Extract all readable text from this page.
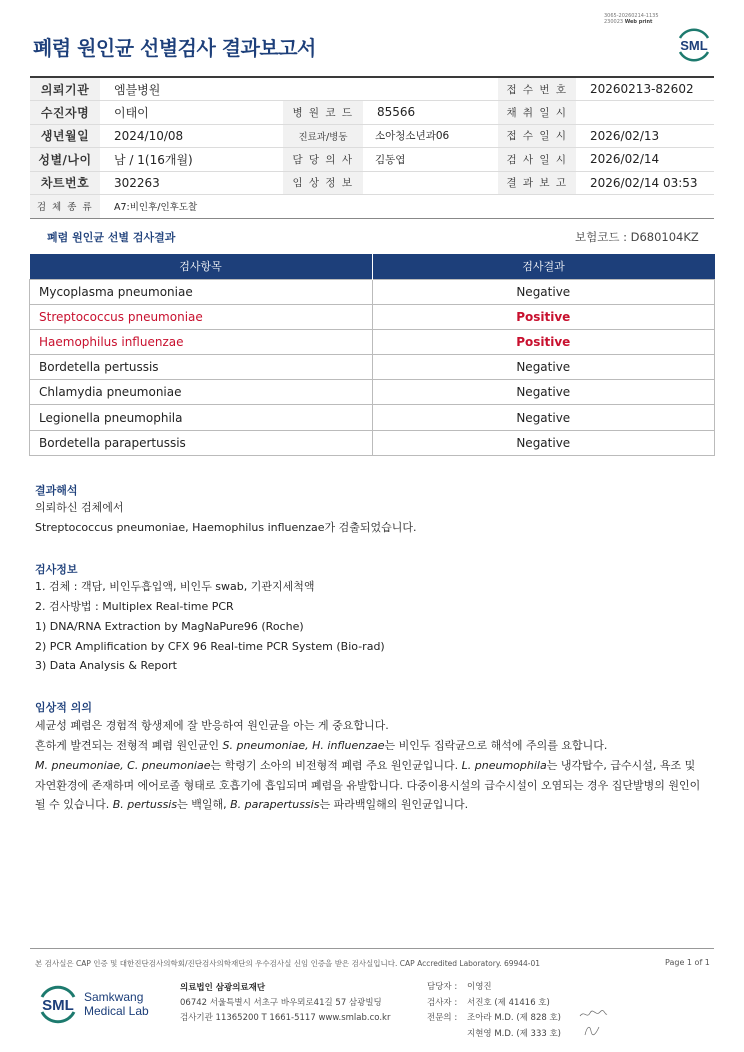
3065-20260214-1135
230023 Web print
폐렴 원인균 선별검사 결과보고서	SML
의뢰기관	엠블병원			접 수 번 호	20260213-82602
수진자명	이태이	병 원 코 드	85566	채 취 일 시	
생년월일	2024/10/08	진료과/병동	소아청소년과06	접 수 일 시	2026/02/13
성별/나이	남 / 1(16개월)	담 당 의 사	김동엽	검 사 일 시	2026/02/14
차트번호	302263	임 상 정 보		결 과 보 고	2026/02/14 03:53
검 체 종 류	A7:비인후/인후도찰				
폐렴 원인균 선별 검사결과	보험코드 : D680104KZ
검사항목	검사결과
Mycoplasma pneumoniae	Negative
Streptococcus pneumoniae	Positive
Haemophilus influenzae	Positive
Bordetella pertussis	Negative
Chlamydia pneumoniae	Negative
Legionella pneumophila	Negative
Bordetella parapertussis	Negative
결과해석
의뢰하신 검체에서
Streptococcus pneumoniae, Haemophilus influenzae가 검출되었습니다.
검사정보
1. 검체 : 객담, 비인두흡입액, 비인두 swab, 기관지세척액
2. 검사방법 : Multiplex Real-time PCR
1) DNA/RNA Extraction by MagNaPure96 (Roche)
2) PCR Amplification by CFX 96 Real-time PCR System (Bio-rad)
3) Data Analysis & Report
임상적 의의
세균성 폐렴은 경험적 항생제에 잘 반응하여 원인균을 아는 게 중요합니다.
흔하게 발견되는 전형적 폐렴 원인균인 S. pneumoniae, H. influenzae는 비인두 집락균으로 해석에 주의를 요합니다.
M. pneumoniae, C. pneumoniae는 학령기 소아의 비전형적 폐렴 주요 원인균입니다. L. pneumophila는 냉각탑수, 급수시설, 욕조 및
자연환경에 존재하며 에어로졸 형태로 호흡기에 흡입되며 폐렴을 유발합니다. 다중이용시설의 급수시설이 오염되는 경우 집단발병의 원인이
될 수 있습니다. B. pertussis는 백일해, B. parapertussis는 파라백일해의 원인균입니다.
본 검사실은 CAP 인증 및 대한진단검사의학회/진단검사의학재단의 우수검사실 신임 인증을 받은 검사실입니다. CAP Accredited Laboratory. 69944-01	Page 1 of 1
SML Samkwang
Medical Lab
의료법인 삼광의료재단
06742 서울특별시 서초구 바우뫼로41길 57 삼광빌딩
검사기관 11365200 T 1661-5117 www.smlab.co.kr
담당자 :	이영진
검사자 :	서진호 (제 41416 호)
전문의 :	조아라 M.D. (제 828 호)
지현영 M.D. (제 333 호)
